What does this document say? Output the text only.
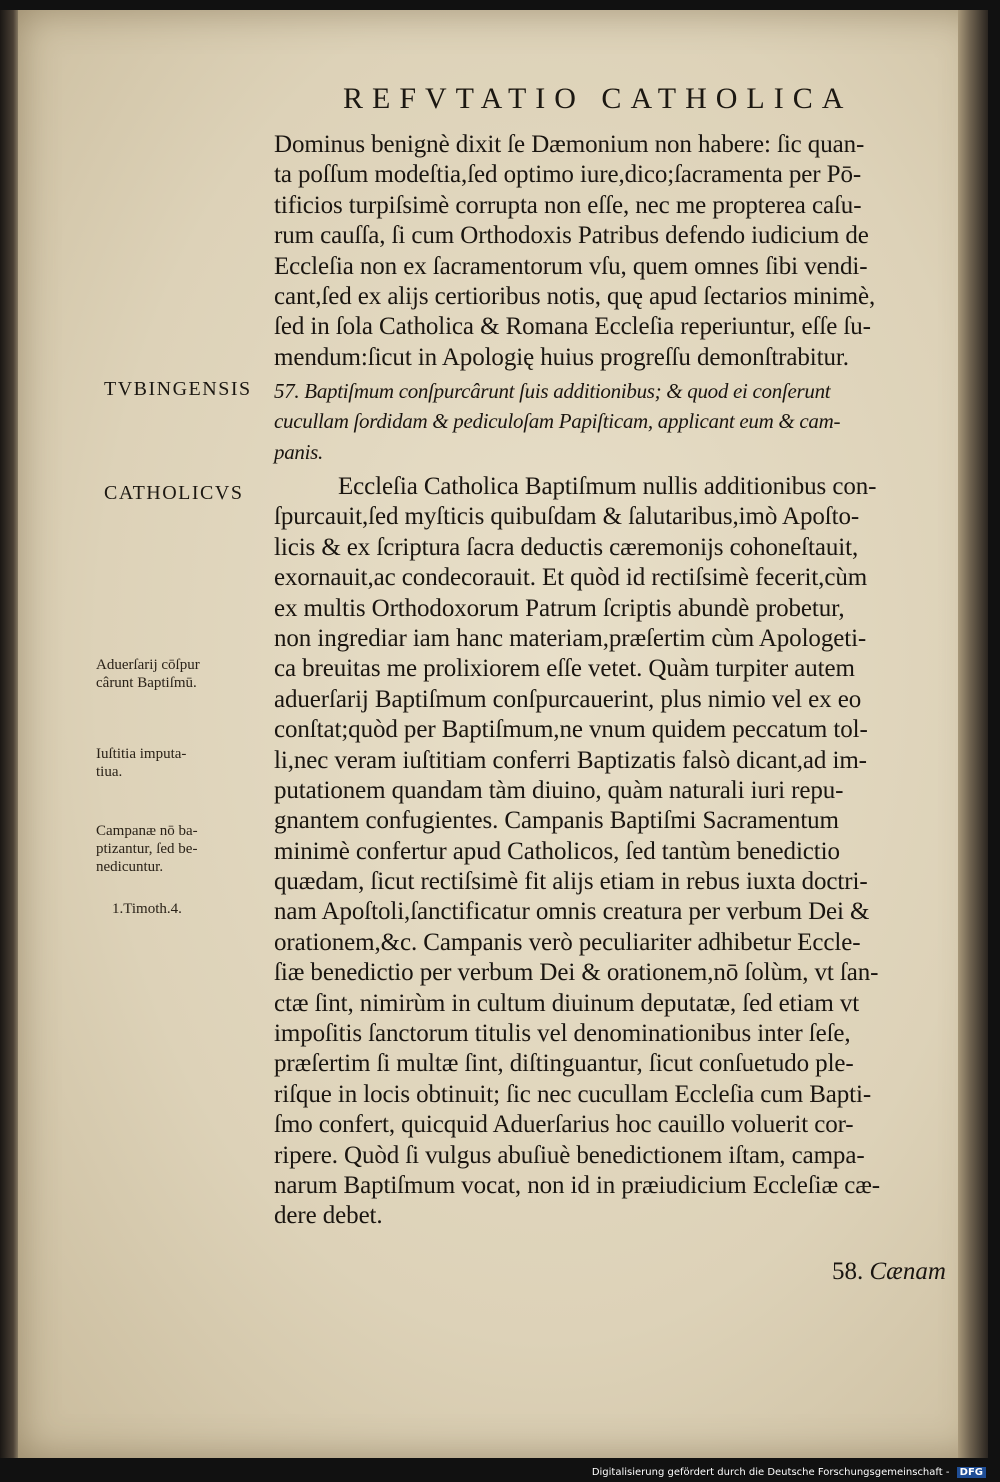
REFVTATIO CATHOLICA
Dominus benignè dixit ſe Dæmonium non habere: ſic quan-
ta poſſum modeſtia,ſed optimo iure,dico;ſacramenta per Pō-
tificios turpiſsimè corrupta non eſſe, nec me propterea caſu-
rum cauſſa, ſi cum Orthodoxis Patribus defendo iudicium de
Eccleſia non ex ſacramentorum vſu, quem omnes ſibi vendi-
cant,ſed ex alijs certioribus notis, quę apud ſectarios minimè,
ſed in ſola Catholica & Romana Eccleſia reperiuntur, eſſe ſu-
mendum:ſicut in Apologię huius progreſſu demonſtrabitur.
TVBINGENSIS 57. Baptiſmum conſpurcârunt ſuis additionibus; & quod ei conſerunt
cucullam ſordidam & pediculoſam Papiſticam, applicant eum & cam-
panis.
CATHOLICVS	Eccleſia Catholica Baptiſmum nullis additionibus con-
ſpurcauit,ſed myſticis quibuſdam & ſalutaribus,imò Apoſto-
licis & ex ſcriptura ſacra deductis cæremonijs cohoneſtauit,
exornauit,ac condecorauit. Et quòd id rectiſsimè fecerit,cùm
ex multis Orthodoxorum Patrum ſcriptis abundè probetur,
non ingrediar iam hanc materiam,præſertim cùm Apologeti-
ca breuitas me prolixiorem eſſe vetet. Quàm turpiter autem
aduerſarij Baptiſmum conſpurcauerint, plus nimio vel ex eo
conſtat;quòd per Baptiſmum,ne vnum quidem peccatum tol-
li,nec veram iuſtitiam conferri Baptizatis falsò dicant,ad im-
putationem quandam tàm diuino, quàm naturali iuri repu-
gnantem confugientes. Campanis Baptiſmi Sacramentum
minimè confertur apud Catholicos, ſed tantùm benedictio
quædam, ſicut rectiſsimè fit alijs etiam in rebus iuxta doctri-
nam Apoſtoli,ſanctificatur omnis creatura per verbum Dei &
orationem,&c. Campanis verò peculiariter adhibetur Eccle-
ſiæ benedictio per verbum Dei & orationem,nō ſolùm, vt ſan-
ctæ ſint, nimirùm in cultum diuinum deputatæ, ſed etiam vt
impoſitis ſanctorum titulis vel denominationibus inter ſeſe,
præſertim ſi multæ ſint, diſtinguantur, ſicut conſuetudo ple-
riſque in locis obtinuit; ſic nec cucullam Eccleſia cum Bapti-
ſmo confert, quicquid Aduerſarius hoc cauillo voluerit cor-
ripere. Quòd ſi vulgus abuſiuè benedictionem iſtam, campa-
narum Baptiſmum vocat, non id in præiudicium Eccleſiæ cæ-
dere debet.
Aduerſarij cōſpur
cârunt Baptiſmū.
Iuſtitia imputa-
tiua.
Campanæ nō ba-
ptizantur, ſed be-
nedicuntur.
1.Timoth.4.
58. Cænam
Digitalisierung gefördert durch die Deutsche Forschungsgemeinschaft - DFG
